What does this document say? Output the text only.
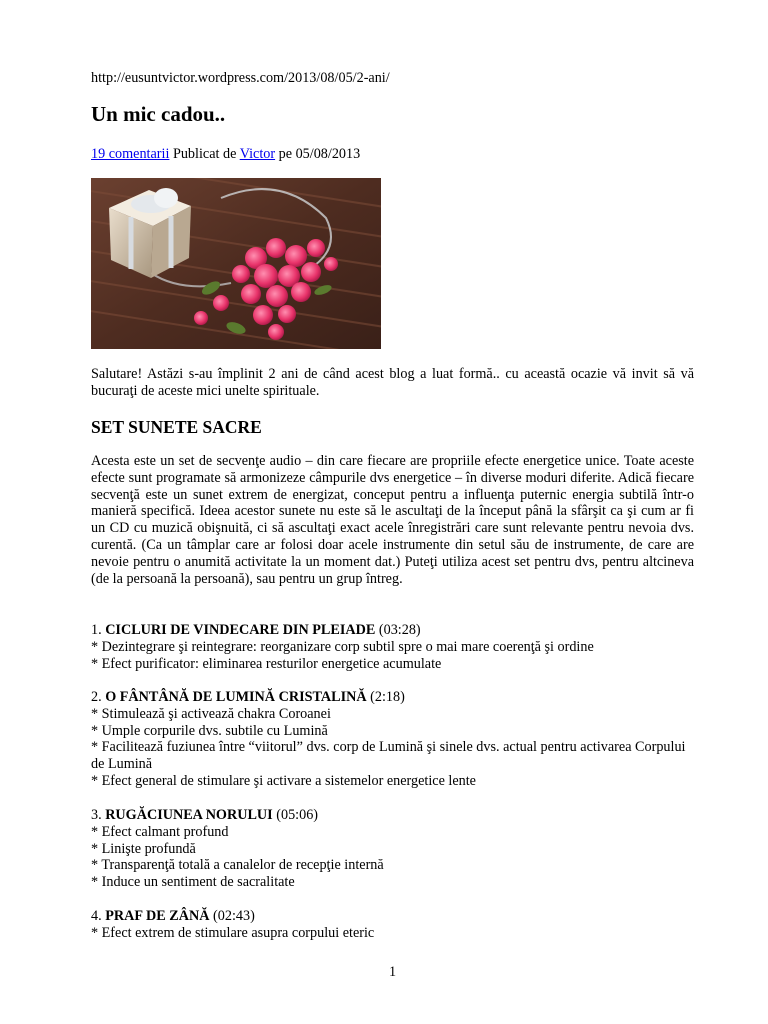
http://eusuntvictor.wordpress.com/2013/08/05/2-ani/
Un mic cadou..
19 comentarii Publicat de Victor pe 05/08/2013
Salutare! Astăzi s-au împlinit 2 ani de când acest blog a luat formă.. cu această ocazie vă invit să vă bucuraţi de aceste mici unelte spirituale.
SET SUNETE SACRE
Acesta este un set de secvenţe audio – din care fiecare are propriile efecte energetice unice. Toate aceste efecte sunt programate să armonizeze câmpurile dvs energetice – în diverse moduri diferite. Adică fiecare secvenţă este un sunet extrem de energizat, conceput pentru a influenţa puternic energia subtilă într-o manieră specifică. Ideea acestor sunete nu este să le ascultaţi de la început până la sfârşit ca şi cum ar fi un CD cu muzică obişnuită, ci să ascultaţi exact acele înregistrări care sunt relevante pentru nevoia dvs. curentă. (Ca un tâmplar care ar folosi doar acele instrumente din setul său de instrumente, de care are nevoie pentru o anumită activitate la un moment dat.) Puteţi utiliza acest set pentru dvs, pentru altcineva (de la persoană la persoană), sau pentru un grup întreg.

1. CICLURI DE VINDECARE DIN PLEIADE (03:28)

* Dezintegrare şi reintegrare: reorganizare corp subtil spre o mai mare coerenţă şi ordine

* Efect purificator: eliminarea resturilor energetice acumulate

2. O FÂNTÂNĂ DE LUMINĂ CRISTALINĂ (2:18)

* Stimulează şi activează chakra Coroanei

* Umple corpurile dvs. subtile cu Lumină

* Facilitează fuziunea între “viitorul” dvs. corp de Lumină şi sinele dvs. actual pentru activarea Corpului de Lumină

* Efect general de stimulare şi activare a sistemelor energetice lente

3. RUGĂCIUNEA NORULUI (05:06)

* Efect calmant profund

* Linişte profundă

* Transparenţă totală a canalelor de recepţie internă

* Induce un sentiment de sacralitate

4. PRAF DE ZÂNĂ (02:43)

* Efect extrem de stimulare asupra corpului eteric

1
